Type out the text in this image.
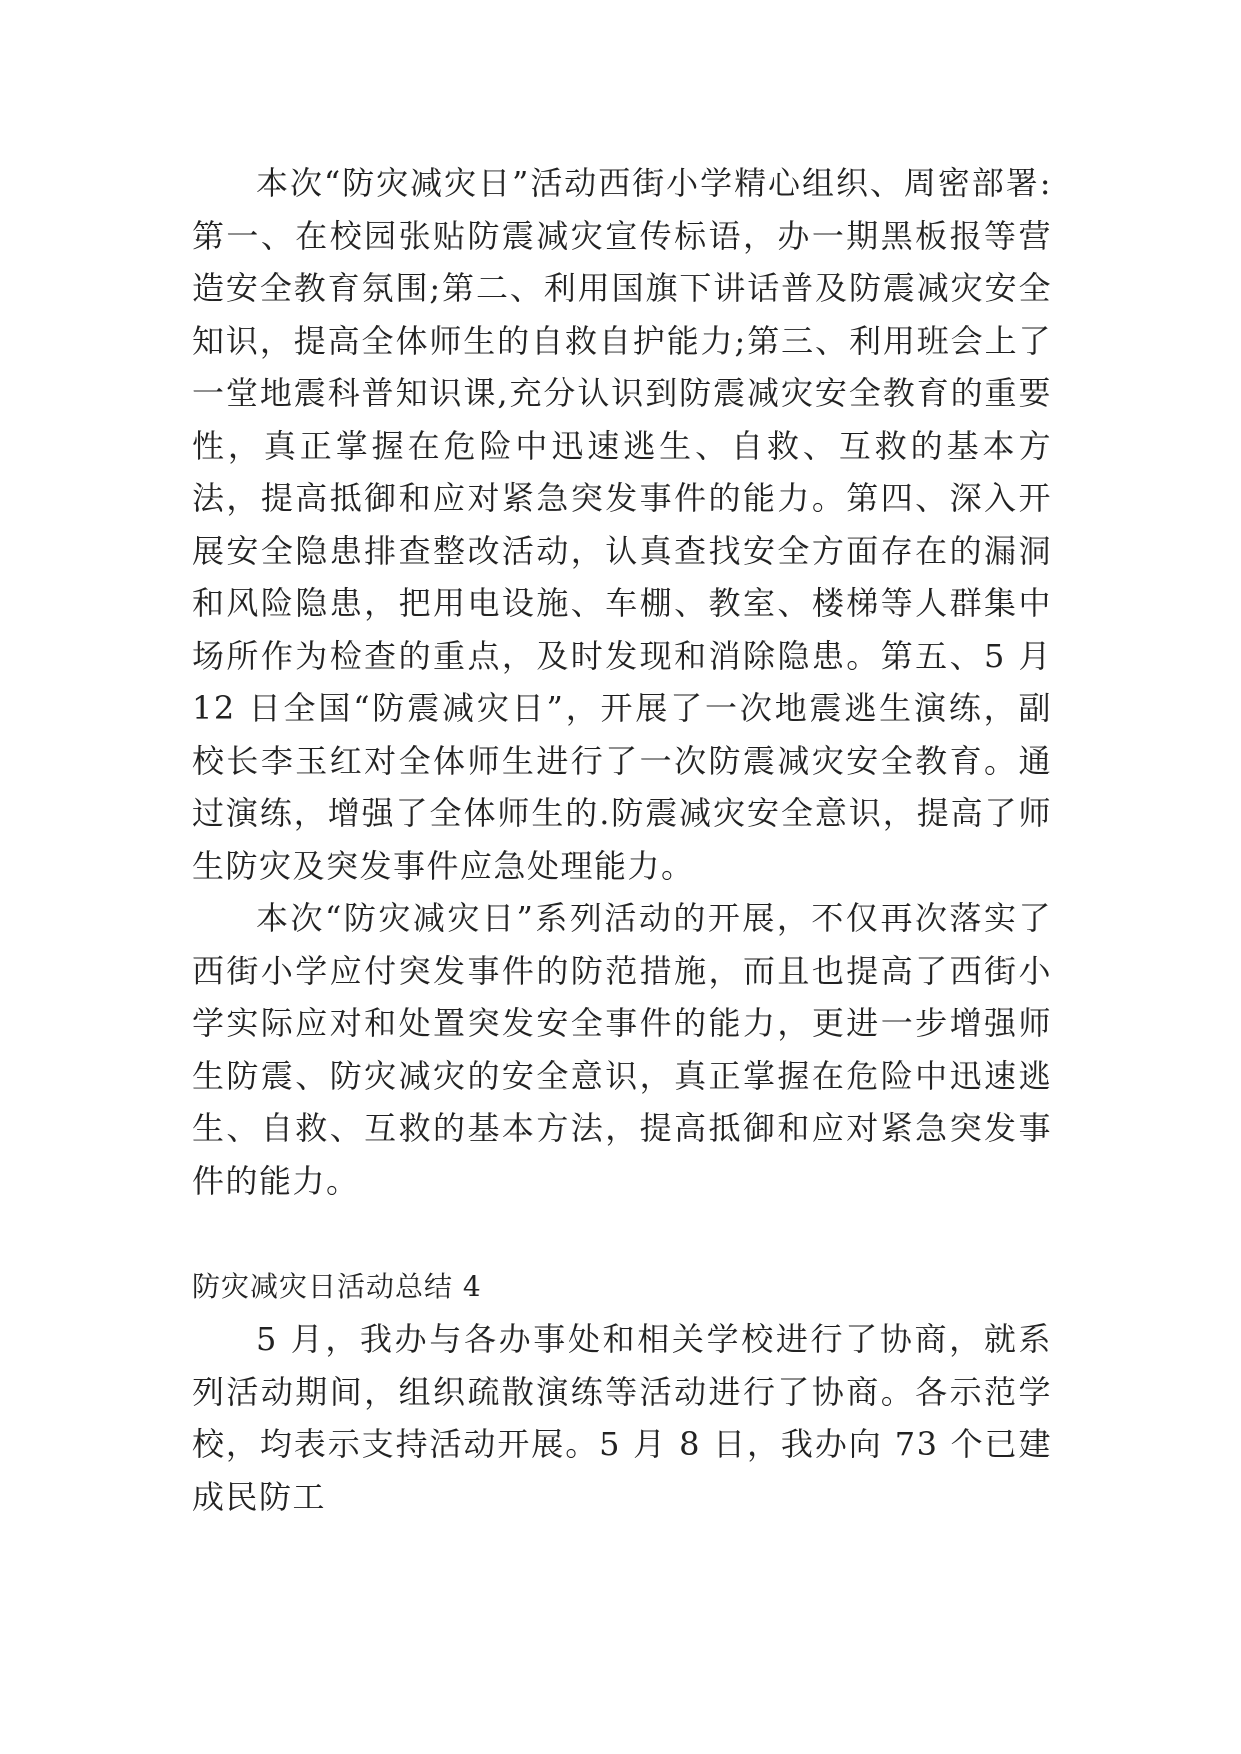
本次“防灾减灾日”活动西街小学精心组织、周密部署:第一、在校园张贴防震减灾宣传标语，办一期黑板报等营造安全教育氛围;第二、利用国旗下讲话普及防震减灾安全知识，提高全体师生的自救自护能力;第三、利用班会上了一堂地震科普知识课,充分认识到防震减灾安全教育的重要性，真正掌握在危险中迅速逃生、自救、互救的基本方法，提高抵御和应对紧急突发事件的能力。第四、深入开展安全隐患排查整改活动，认真查找安全方面存在的漏洞和风险隐患，把用电设施、车棚、教室、楼梯等人群集中场所作为检查的重点，及时发现和消除隐患。第五、5 月 12 日全国“防震减灾日”，开展了一次地震逃生演练，副校长李玉红对全体师生进行了一次防震减灾安全教育。通过演练，增强了全体师生的.防震减灾安全意识，提高了师生防灾及突发事件应急处理能力。

本次“防灾减灾日”系列活动的开展，不仅再次落实了西街小学应付突发事件的防范措施，而且也提高了西街小学实际应对和处置突发安全事件的能力，更进一步增强师生防震、防灾减灾的安全意识，真正掌握在危险中迅速逃生、自救、互救的基本方法，提高抵御和应对紧急突发事件的能力。

防灾减灾日活动总结 4

5 月，我办与各办事处和相关学校进行了协商，就系列活动期间，组织疏散演练等活动进行了协商。各示范学校，均表示支持活动开展。5 月 8 日，我办向 73 个已建成民防工
